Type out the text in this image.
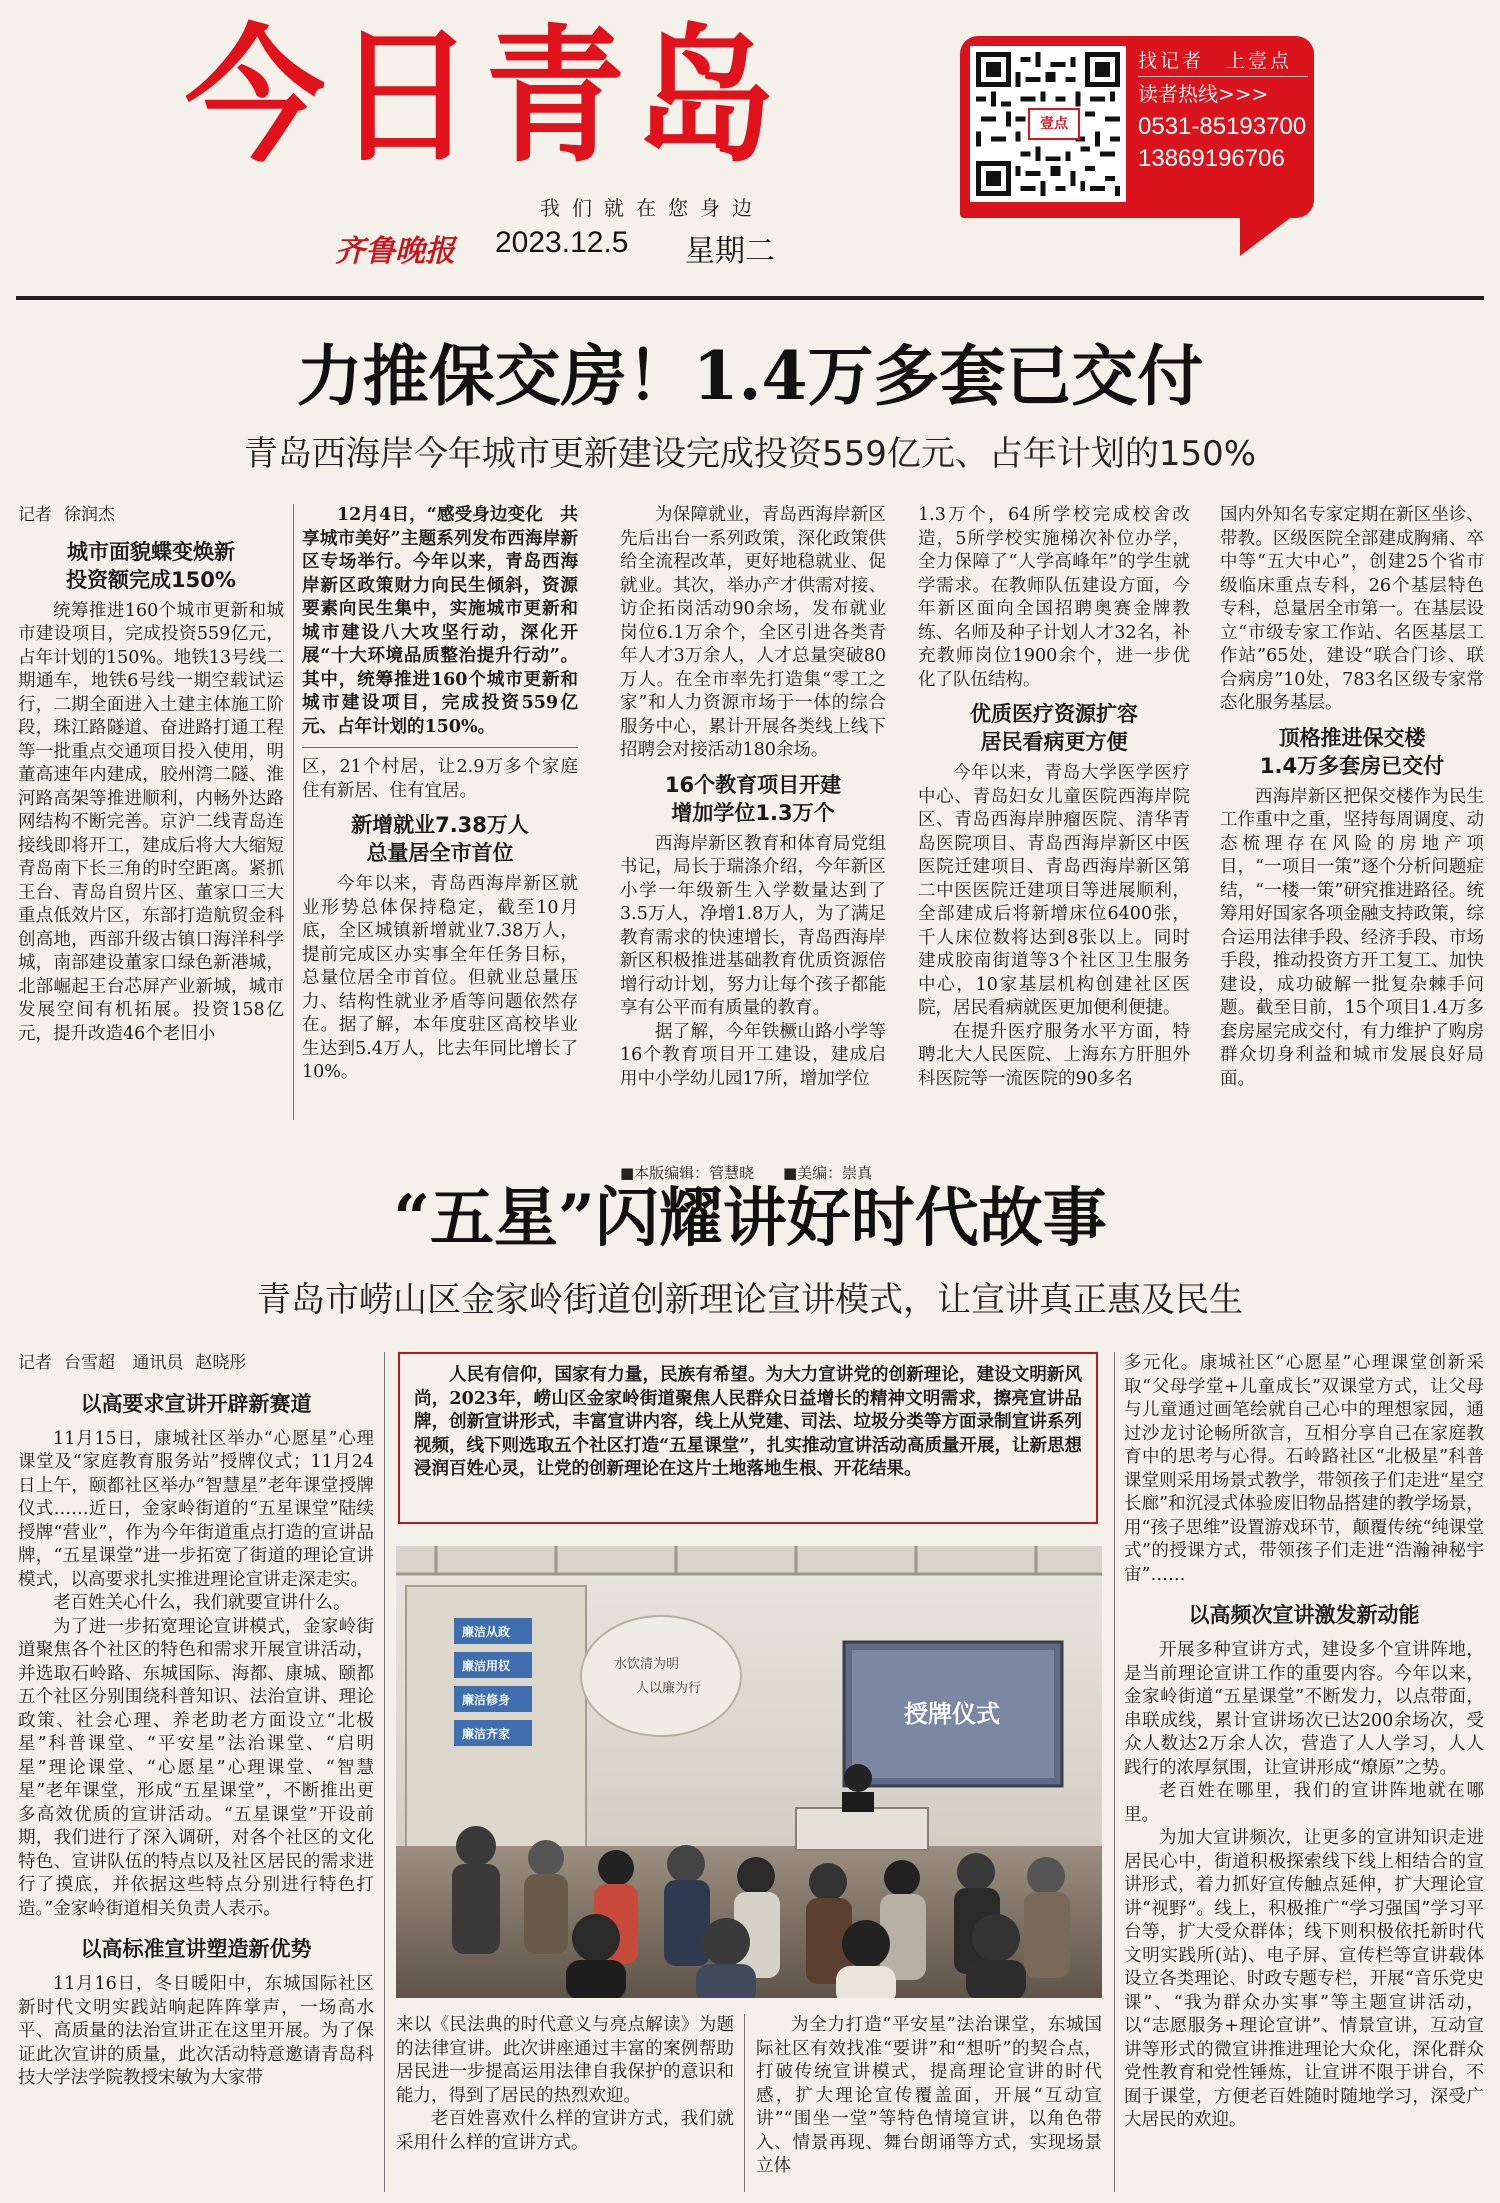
今日青岛
我们就在您身边
齐鲁晚报 2023.12.5 星期二
壹点
找记者　上壹点
读者热线>>>
0531-85193700
13869196706
力推保交房！1.4万多套已交付
青岛西海岸今年城市更新建设完成投资559亿元、占年计划的150%

记者 徐润杰

城市面貌蝶变焕新
投资额完成150%

统筹推进160个城市更新和城市建设项目，完成投资559亿元，占年计划的150%。地铁13号线二期通车，地铁6号线一期空载试运行，二期全面进入土建主体施工阶段，珠江路隧道、奋进路打通工程等一批重点交通项目投入使用，明董高速年内建成，胶州湾二隧、淮河路高架等推进顺利，内畅外达路网结构不断完善。京沪二线青岛连接线即将开工，建成后将大大缩短青岛南下长三角的时空距离。紧抓王台、青岛自贸片区、董家口三大重点低效片区，东部打造航贸金科创高地，西部升级古镇口海洋科学城，南部建设董家口绿色新港城，北部崛起王台芯屏产业新城，城市发展空间有机拓展。投资158亿元，提升改造46个老旧小

12月4日，“感受身边变化　共享城市美好”主题系列发布西海岸新区专场举行。今年以来，青岛西海岸新区政策财力向民生倾斜，资源要素向民生集中，实施城市更新和城市建设八大攻坚行动，深化开展“十大环境品质整治提升行动”。其中，统筹推进160个城市更新和城市建设项目，完成投资559亿元、占年计划的150%。

区，21个村居，让2.9万多个家庭住有新居、住有宜居。

新增就业7.38万人
总量居全市首位

今年以来，青岛西海岸新区就业形势总体保持稳定，截至10月底，全区城镇新增就业7.38万人，提前完成区办实事全年任务目标，总量位居全市首位。但就业总量压力、结构性就业矛盾等问题依然存在。据了解，本年度驻区高校毕业生达到5.4万人，比去年同比增长了10%。

为保障就业，青岛西海岸新区先后出台一系列政策，深化政策供给全流程改革，更好地稳就业、促就业。其次，举办产才供需对接、访企拓岗活动90余场，发布就业岗位6.1万余个，全区引进各类青年人才3万余人，人才总量突破80万人。在全市率先打造集“零工之家”和人力资源市场于一体的综合服务中心，累计开展各类线上线下招聘会对接活动180余场。

16个教育项目开建
增加学位1.3万个

西海岸新区教育和体育局党组书记，局长于瑞涤介绍，今年新区小学一年级新生入学数量达到了3.5万人，净增1.8万人，为了满足教育需求的快速增长，青岛西海岸新区积极推进基础教育优质资源倍增行动计划，努力让每个孩子都能享有公平而有质量的教育。

据了解，今年铁橛山路小学等16个教育项目开工建设，建成启用中小学幼儿园17所，增加学位

1.3万个，64所学校完成校舍改造，5所学校实施梯次补位办学，全力保障了“人学高峰年”的学生就学需求。在教师队伍建设方面，今年新区面向全国招聘奥赛金牌教练、名师及种子计划人才32名，补充教师岗位1900余个，进一步优化了队伍结构。

优质医疗资源扩容
居民看病更方便

今年以来，青岛大学医学医疗中心、青岛妇女儿童医院西海岸院区、青岛西海岸肿瘤医院、清华青岛医院项目、青岛西海岸新区中医医院迁建项目、青岛西海岸新区第二中医医院迁建项目等进展顺利，全部建成后将新增床位6400张，千人床位数将达到8张以上。同时建成胶南街道等3个社区卫生服务中心，10家基层机构创建社区医院，居民看病就医更加便利便捷。

在提升医疗服务水平方面，特聘北大人民医院、上海东方肝胆外科医院等一流医院的90多名

国内外知名专家定期在新区坐诊、带教。区级医院全部建成胸痛、卒中等“五大中心”，创建25个省市级临床重点专科，26个基层特色专科，总量居全市第一。在基层设立“市级专家工作站、名医基层工作站”65处，建设“联合门诊、联合病房”10处，783名区级专家常态化服务基层。

顶格推进保交楼
1.4万多套房已交付

西海岸新区把保交楼作为民生工作重中之重，坚持每周调度、动态梳理存在风险的房地产项目，“一项目一策”逐个分析问题症结，“一楼一策”研究推进路径。统筹用好国家各项金融支持政策，综合运用法律手段、经济手段、市场手段，推动投资方开工复工、加快建设，成功破解一批复杂棘手问题。截至目前，15个项目1.4万多套房屋完成交付，有力维护了购房群众切身利益和城市发展良好局面。

■本版编辑：管慧晓 ■美编：崇真
“五星”闪耀讲好时代故事
青岛市崂山区金家岭街道创新理论宣讲模式，让宣讲真正惠及民生

记者 台雪超 通讯员 赵晓彤

以高要求宣讲开辟新赛道

11月15日，康城社区举办“心愿星”心理课堂及“家庭教育服务站”授牌仪式；11月24日上午，颐都社区举办“智慧星”老年课堂授牌仪式……近日，金家岭街道的“五星课堂”陆续授牌“营业”，作为今年街道重点打造的宣讲品牌，“五星课堂”进一步拓宽了街道的理论宣讲模式，以高要求扎实推进理论宣讲走深走实。

老百姓关心什么，我们就要宣讲什么。

为了进一步拓宽理论宣讲模式，金家岭街道聚焦各个社区的特色和需求开展宣讲活动，并选取石岭路、东城国际、海都、康城、颐都五个社区分别围绕科普知识、法治宣讲、理论政策、社会心理、养老助老方面设立“北极星”科普课堂、“平安星”法治课堂、“启明星”理论课堂、“心愿星”心理课堂、“智慧星”老年课堂，形成“五星课堂”，不断推出更多高效优质的宣讲活动。“五星课堂”开设前期，我们进行了深入调研，对各个社区的文化特色、宣讲队伍的特点以及社区居民的需求进行了摸底，并依据这些特点分别进行特色打造。”金家岭街道相关负责人表示。

以高标准宣讲塑造新优势

11月16日，冬日暖阳中，东城国际社区新时代文明实践站响起阵阵掌声，一场高水平、高质量的法治宣讲正在这里开展。为了保证此次宣讲的质量，此次活动特意邀请青岛科技大学法学院教授宋敏为大家带

人民有信仰，国家有力量，民族有希望。为大力宣讲党的创新理论，建设文明新风尚，2023年，崂山区金家岭街道聚焦人民群众日益增长的精神文明需求，擦亮宣讲品牌，创新宣讲形式，丰富宣讲内容，线上从党建、司法、垃圾分类等方面录制宣讲系列视频，线下则选取五个社区打造“五星课堂”，扎实推动宣讲活动高质量开展，让新思想浸润百姓心灵，让党的创新理论在这片土地落地生根、开花结果。

廉洁从政
廉洁用权
廉洁修身
廉洁齐家
水饮清为明
人以廉为行
授牌仪式

来以《民法典的时代意义与亮点解读》为题的法律宣讲。此次讲座通过丰富的案例帮助居民进一步提高运用法律自我保护的意识和能力，得到了居民的热烈欢迎。

老百姓喜欢什么样的宣讲方式，我们就采用什么样的宣讲方式。

为全力打造“平安星”法治课堂，东城国际社区有效找准“要讲”和“想听”的契合点，打破传统宣讲模式，提高理论宣讲的时代感，扩大理论宣传覆盖面，开展“互动宣讲”“围坐一堂”等特色情境宣讲，以角色带入、情景再现、舞台朗诵等方式，实现场景立体

多元化。康城社区“心愿星”心理课堂创新采取“父母学堂+儿童成长”双课堂方式，让父母与儿童通过画笔绘就自己心中的理想家园，通过沙龙讨论畅所欲言，互相分享自己在家庭教育中的思考与心得。石岭路社区“北极星”科普课堂则采用场景式教学，带领孩子们走进“星空长廊”和沉浸式体验废旧物品搭建的教学场景，用“孩子思维”设置游戏环节，颠覆传统“纯课堂式”的授课方式，带领孩子们走进“浩瀚神秘宇宙”……

以高频次宣讲激发新动能

开展多种宣讲方式，建设多个宣讲阵地，是当前理论宣讲工作的重要内容。今年以来，金家岭街道“五星课堂”不断发力，以点带面，串联成线，累计宣讲场次已达200余场次，受众人数达2万余人次，营造了人人学习，人人践行的浓厚氛围，让宣讲形成“燎原”之势。

老百姓在哪里，我们的宣讲阵地就在哪里。

为加大宣讲频次，让更多的宣讲知识走进居民心中，街道积极探索线下线上相结合的宣讲形式，着力抓好宣传触点延伸，扩大理论宣讲“视野”。线上，积极推广“学习强国”学习平台等，扩大受众群体；线下则积极依托新时代文明实践所(站)、电子屏、宣传栏等宣讲载体设立各类理论、时政专题专栏，开展“音乐党史课”、“我为群众办实事”等主题宣讲活动，以“志愿服务+理论宣讲”、情景宣讲，互动宣讲等形式的微宣讲推进理论大众化，深化群众党性教育和党性锤炼，让宣讲不限于讲台，不囿于课堂，方便老百姓随时随地学习，深受广大居民的欢迎。
